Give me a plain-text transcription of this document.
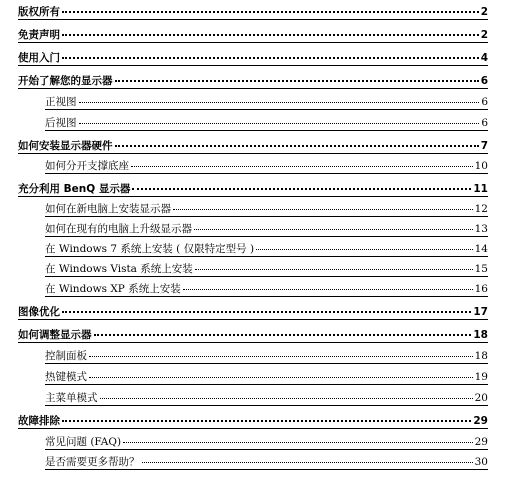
版权所有	2
免责声明	2
使用入门	4
开始了解您的显示器	6
正视图	6
后视图	6
如何安装显示器硬件	7
如何分开支撑底座	10
充分利用 BenQ 显示器	11
如何在新电脑上安装显示器	12
如何在现有的电脑上升级显示器	13
在 Windows 7 系统上安装 ( 仅限特定型号 )	14
在 Windows Vista 系统上安装	15
在 Windows XP 系统上安装	16
图像优化	17
如何调整显示器	18
控制面板	18
热键模式	19
主菜单模式	20
故障排除	29
常见问题 (FAQ)	29
是否需要更多帮助？	30
